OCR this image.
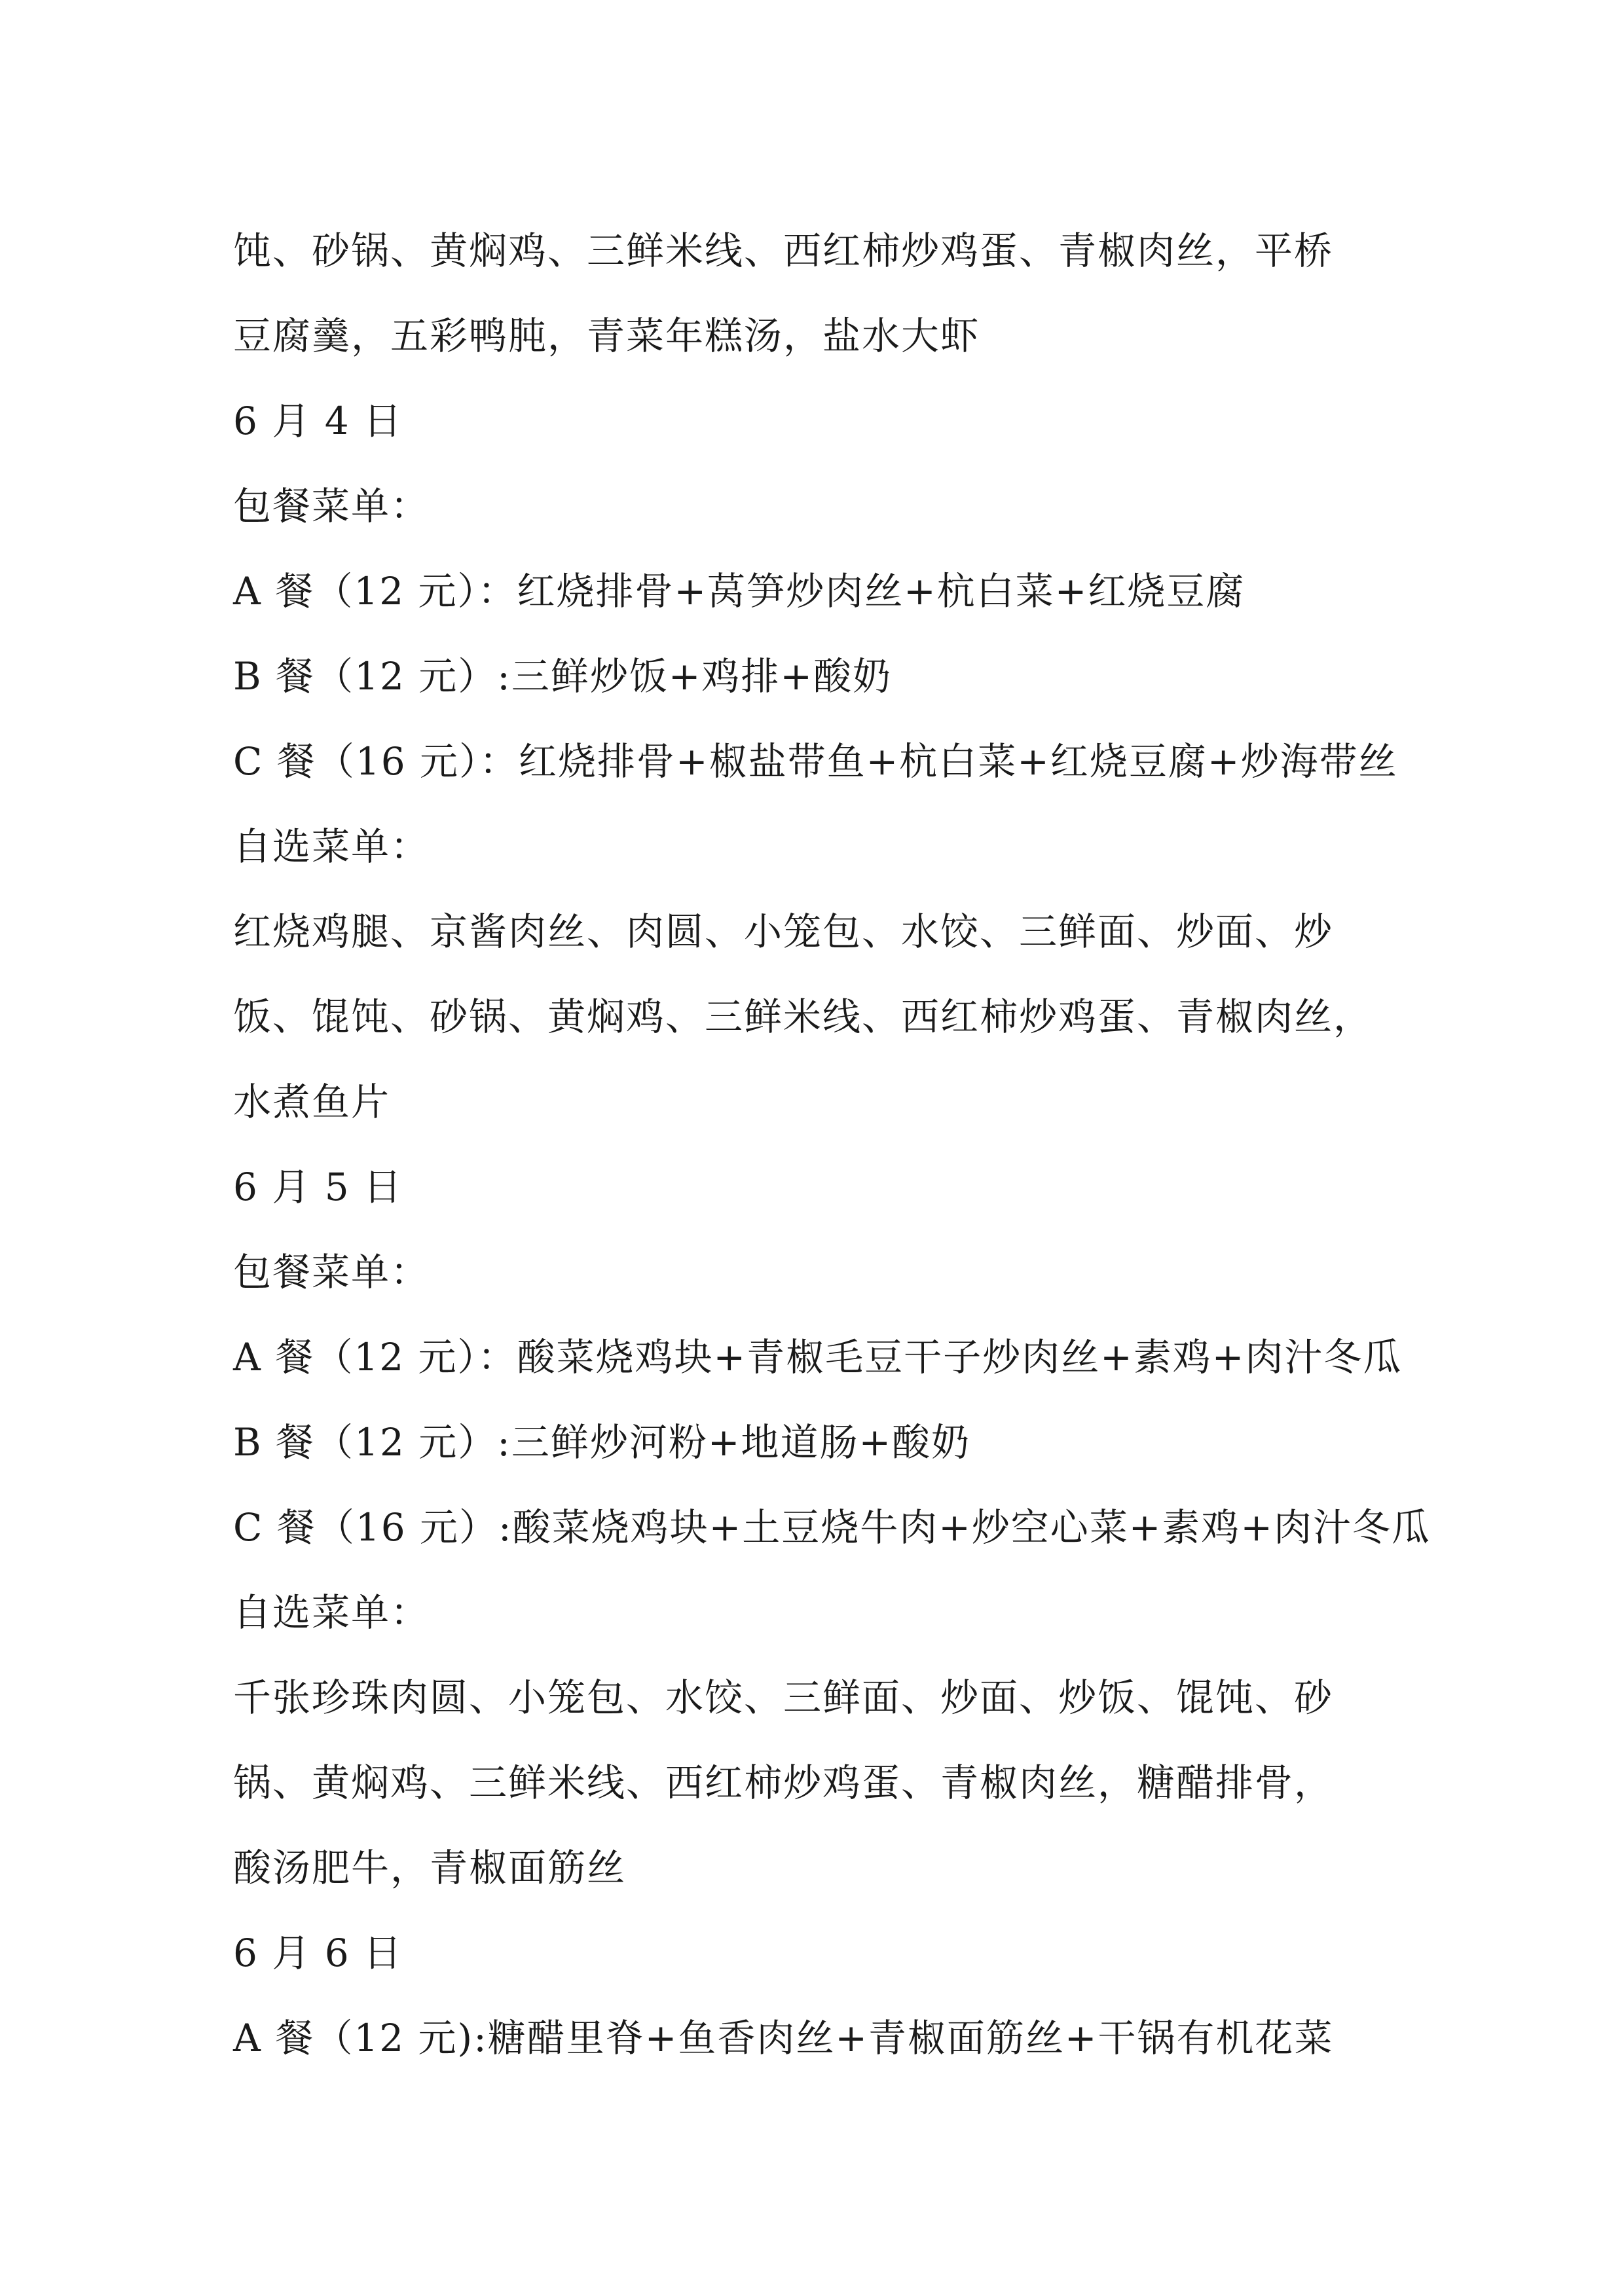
饨、砂锅、黄焖鸡、三鲜米线、西红柿炒鸡蛋、青椒肉丝，平桥
豆腐羹，五彩鸭肫，青菜年糕汤，盐水大虾
6 月 4 日
包餐菜单：
A 餐（12 元）：红烧排骨+莴笋炒肉丝+杭白菜+红烧豆腐
B 餐（12 元）:三鲜炒饭+鸡排+酸奶
C 餐（16 元）：红烧排骨+椒盐带鱼+杭白菜+红烧豆腐+炒海带丝
自选菜单：
红烧鸡腿、京酱肉丝、肉圆、小笼包、水饺、三鲜面、炒面、炒
饭、馄饨、砂锅、黄焖鸡、三鲜米线、西红柿炒鸡蛋、青椒肉丝，
水煮鱼片
6 月 5 日
包餐菜单：
A 餐（12 元）：酸菜烧鸡块+青椒毛豆干子炒肉丝+素鸡+肉汁冬瓜
B 餐（12 元）:三鲜炒河粉+地道肠+酸奶
C 餐（16 元）:酸菜烧鸡块+土豆烧牛肉+炒空心菜+素鸡+肉汁冬瓜
自选菜单：
千张珍珠肉圆、小笼包、水饺、三鲜面、炒面、炒饭、馄饨、砂
锅、黄焖鸡、三鲜米线、西红柿炒鸡蛋、青椒肉丝，糖醋排骨，
酸汤肥牛，青椒面筋丝
6 月 6 日
A 餐（12 元):糖醋里脊+鱼香肉丝+青椒面筋丝+干锅有机花菜
